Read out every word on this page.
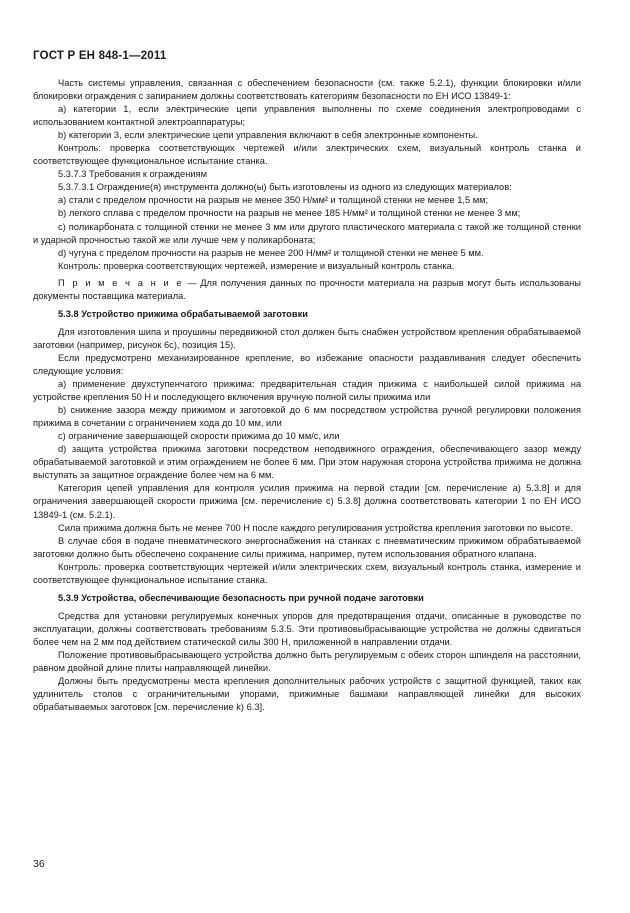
ГОСТ Р ЕН 848-1—2011

Часть системы управления, связанная с обеспечением безопасности (см. также 5.2.1), функции блокировки и/или блокировки ограждения с запиранием должны соответствовать категориям безопасности по ЕН ИСО 13849-1:

a) категории 1, если электрические цепи управления выполнены по схеме соединения электропроводами с использованием контактной электроаппаратуры;

b) категории 3, если электрические цепи управления включают в себя электронные компоненты.

Контроль: проверка соответствующих чертежей и/или электрических схем, визуальный контроль станка и соответствующее функциональное испытание станка.

5.3.7.3 Требования к ограждениям

5.3.7.3.1 Ограждение(я) инструмента должно(ы) быть изготовлены из одного из следующих материалов:

a) стали с пределом прочности на разрыв не менее 350 Н/мм² и толщиной стенки не менее 1,5 мм;

b) легкого сплава с пределом прочности на разрыв не менее 185 Н/мм² и толщиной стенки не менее 3 мм;

c) поликарбоната с толщиной стенки не менее 3 мм или другого пластического материала с такой же толщиной стенки и ударной прочностью такой же или лучше чем у поликарбоната;

d) чугуна с пределом прочности на разрыв не менее 200 Н/мм² и толщиной стенки не менее 5 мм.

Контроль: проверка соответствующих чертежей, измерение и визуальный контроль станка.

П р и м е ч а н и е — Для получения данных по прочности материала на разрыв могут быть использованы документы поставщика материала.

5.3.8 Устройство прижима обрабатываемой заготовки

Для изготовления шипа и проушины передвижной стол должен быть снабжен устройством крепления обрабатываемой заготовки (например, рисунок 6с), позиция 15).

Если предусмотрено механизированное крепление, во избежание опасности раздавливания следует обеспечить следующие условия:

a) применение двухступенчатого прижима: предварительная стадия прижима с наибольшей силой прижима на устройстве крепления 50 Н и последующего включения вручную полной силы прижима или

b) снижение зазора между прижимом и заготовкой до 6 мм посредством устройства ручной регулировки положения прижима в сочетании с ограничением хода до 10 мм, или

c) ограничение завершающей скорости прижима до 10 мм/с, или

d) защита устройства прижима заготовки посредством неподвижного ограждения, обеспечивающего зазор между обрабатываемой заготовкой и этим ограждением не более 6 мм. При этом наружная сторона устройства прижима не должна выступать за защитное ограждение более чем на 6 мм.

Категория цепей управления для контроля усилия прижима на первой стадии [см. перечисление a) 5.3.8] и для ограничения завершающей скорости прижима [см. перечисление c) 5.3.8] должна соответствовать категории 1 по ЕН ИСО 13849-1 (см. 5.2.1).

Сила прижима должна быть не менее 700 Н после каждого регулирования устройства крепления заготовки по высоте.

В случае сбоя в подаче пневматического энергоснабжения на станках с пневматическим прижимом обрабатываемой заготовки должно быть обеспечено сохранение силы прижима, например, путем использования обратного клапана.

Контроль: проверка соответствующих чертежей и/или электрических схем, визуальный контроль станка, измерение и соответствующее функциональное испытание станка.

5.3.9 Устройства, обеспечивающие безопасность при ручной подаче заготовки

Средства для установки регулируемых конечных упоров для предотвращения отдачи, описанные в руководстве по эксплуатации, должны соответствовать требованиям 5.3.5. Эти противовыбрасывающие устройства не должны сдвигаться более чем на 2 мм под действием статической силы 300 Н, приложенной в направлении отдачи.

Положение противовыбрасывающего устройства должно быть регулируемым с обеих сторон шпинделя на расстоянии, равном двойной длине плиты направляющей линейки.

Должны быть предусмотрены места крепления дополнительных рабочих устройств с защитной функцией, таких как удлинитель столов с ограничительными упорами, прижимные башмаки направляющей линейки для высоких обрабатываемых заготовок [см. перечисление k) 6.3].

36
